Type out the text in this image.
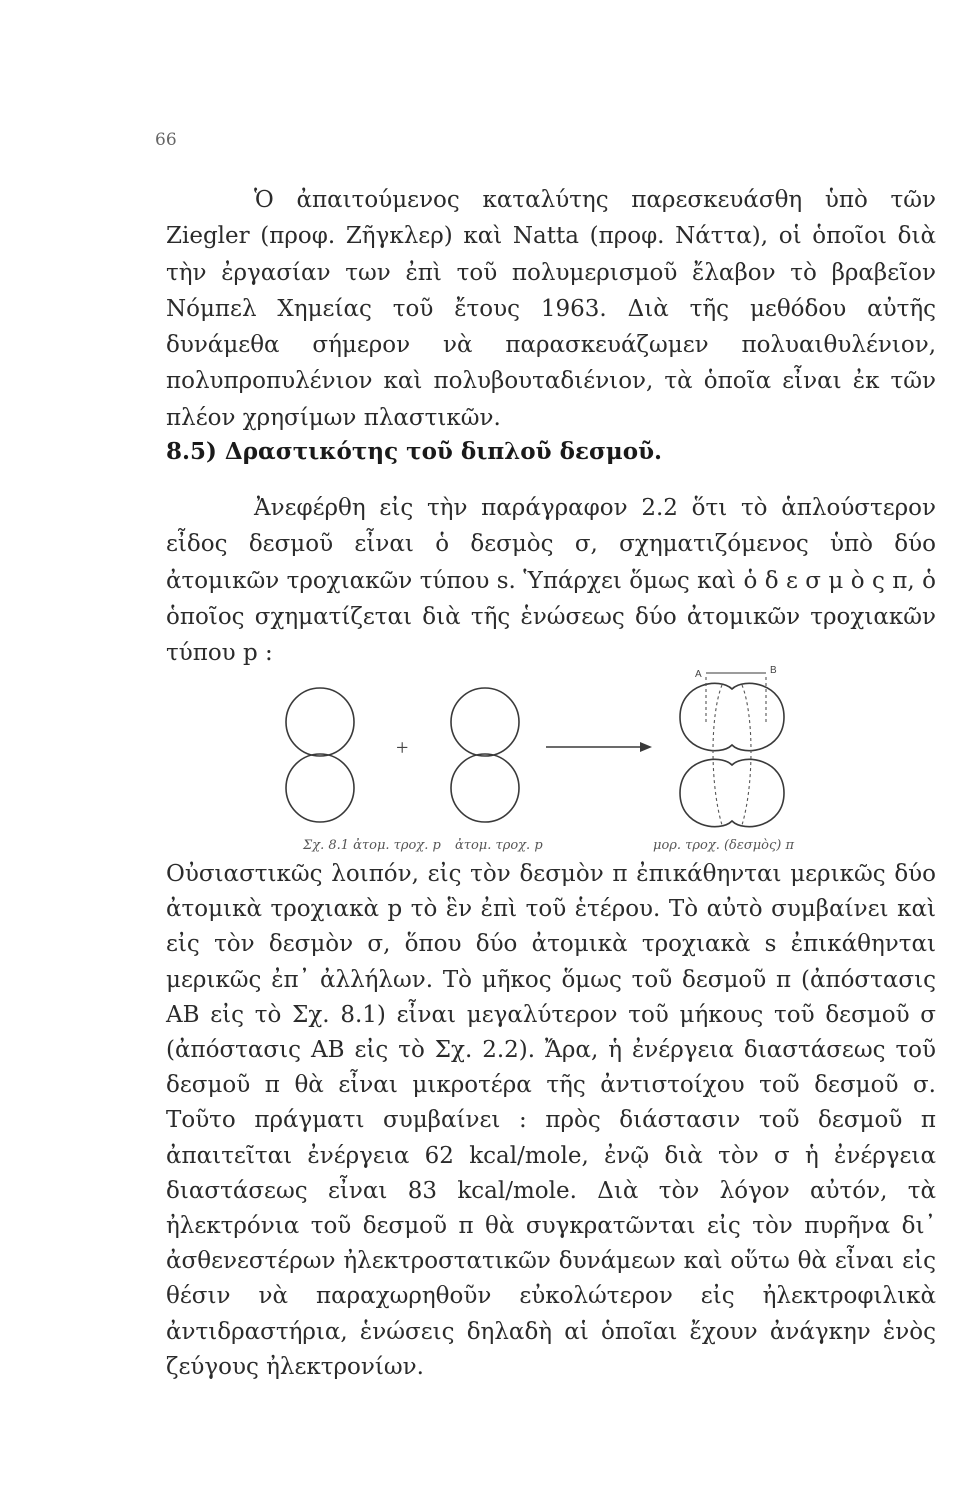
66

Ὁ ἀπαιτούμενος καταλύτης παρεσκευάσθη ὑπὸ τῶν Ziegler (προφ. Ζῆγκλερ) καὶ Natta (προφ. Νάττα), οἱ ὁποῖοι διὰ τὴν ἐργασίαν των ἐπὶ τοῦ πολυμερισμοῦ ἔλαβον τὸ βραβεῖον Νόμπελ Χημείας τοῦ ἔτους 1963. Διὰ τῆς μεθόδου αὐτῆς δυνάμεθα σήμερον νὰ παρασκευάζωμεν πολυαιθυλένιον, πολυπροπυλένιον καὶ πολυβουταδιένιον, τὰ ὁποῖα εἶναι ἐκ τῶν πλέον χρησίμων πλαστικῶν.

8.5) Δραστικότης τοῦ διπλοῦ δεσμοῦ.

Ἀνεφέρθη εἰς τὴν παράγραφον 2.2 ὅτι τὸ ἁπλούστερον εἶδος δεσμοῦ εἶναι ὁ δεσμὸς σ, σχηματιζόμενος ὑπὸ δύο ἀτομικῶν τροχιακῶν τύπου s. Ὑπάρχει ὅμως καὶ ὁ δ ε σ μ ὸ ς π, ὁ ὁποῖος σχηματίζεται διὰ τῆς ἑνώσεως δύο ἀτομικῶν τροχιακῶν τύπου p :

+
A	B
Σχ. 8.1 ἀτομ. τροχ. p ἀτομ. τροχ. p	μορ. τροχ. (δεσμὸς) π

Οὐσιαστικῶς λοιπόν, εἰς τὸν δεσμὸν π ἐπικάθηνται μερικῶς δύο ἀτομικὰ τροχιακὰ p τὸ ἓν ἐπὶ τοῦ ἑτέρου. Τὸ αὐτὸ συμβαίνει καὶ εἰς τὸν δεσμὸν σ, ὅπου δύο ἀτομικὰ τροχιακὰ s ἐπικάθηνται μερικῶς ἐπ᾽ ἀλλήλων. Τὸ μῆκος ὅμως τοῦ δεσμοῦ π (ἀπόστασις ΑΒ εἰς τὸ Σχ. 8.1) εἶναι μεγαλύτερον τοῦ μήκους τοῦ δεσμοῦ σ (ἀπόστασις ΑΒ εἰς τὸ Σχ. 2.2). Ἄρα, ἡ ἐνέργεια διαστάσεως τοῦ δεσμοῦ π θὰ εἶναι μικροτέρα τῆς ἀντιστοίχου τοῦ δεσμοῦ σ. Τοῦτο πράγματι συμβαίνει : πρὸς διάστασιν τοῦ δεσμοῦ π ἀπαιτεῖται ἐνέργεια 62 kcal/mole, ἐνῷ διὰ τὸν σ ἡ ἐνέργεια διαστάσεως εἶναι 83 kcal/mole. Διὰ τὸν λόγον αὐτόν, τὰ ἠλεκτρόνια τοῦ δεσμοῦ π θὰ συγκρατῶνται εἰς τὸν πυρῆνα δι᾽ ἀσθενεστέρων ἠλεκτροστατικῶν δυνάμεων καὶ οὕτω θὰ εἶναι εἰς θέσιν νὰ παραχωρηθοῦν εὐκολώτερον εἰς ἠλεκτροφιλικὰ ἀντιδραστήρια, ἑνώσεις δηλαδὴ αἱ ὁποῖαι ἔχουν ἀνάγκην ἑνὸς ζεύγους ἠλεκτρονίων.
